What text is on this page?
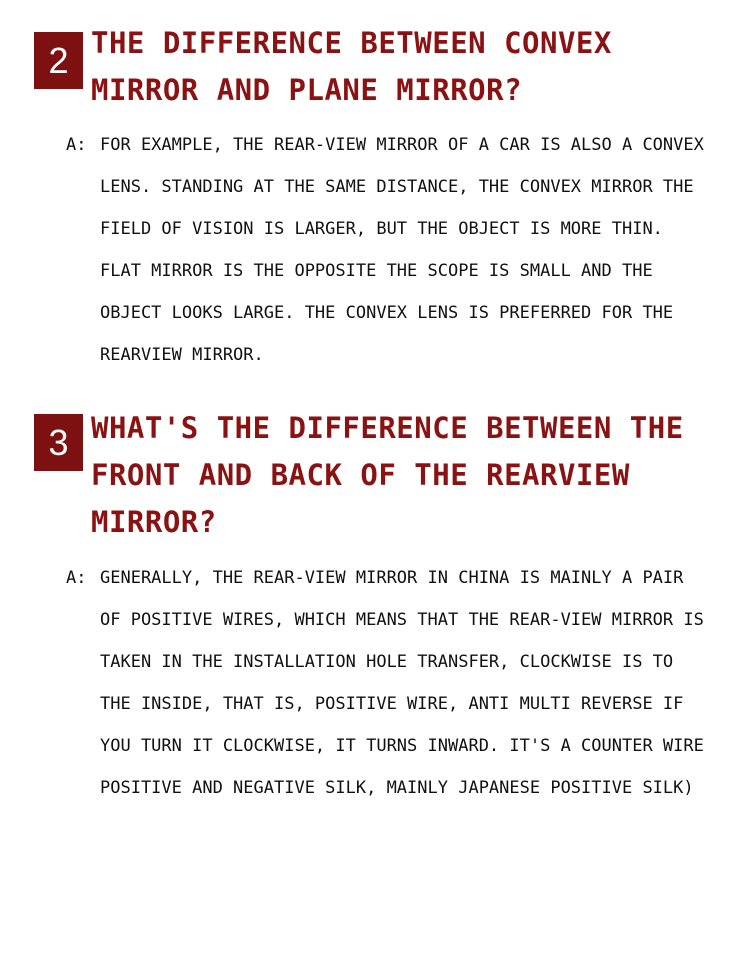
2 THE DIFFERENCE BETWEEN CONVEX MIRROR AND PLANE MIRROR?
A: FOR EXAMPLE, THE REAR-VIEW MIRROR OF A CAR IS ALSO A CONVEX LENS. STANDING AT THE SAME DISTANCE, THE CONVEX MIRROR THE FIELD OF VISION IS LARGER, BUT THE OBJECT IS MORE THIN. FLAT MIRROR IS THE OPPOSITE THE SCOPE IS SMALL AND THE OBJECT LOOKS LARGE. THE CONVEX LENS IS PREFERRED FOR THE REARVIEW MIRROR.
3 WHAT'S THE DIFFERENCE BETWEEN THE FRONT AND BACK OF THE REARVIEW MIRROR?
A: GENERALLY, THE REAR-VIEW MIRROR IN CHINA IS MAINLY A PAIR OF POSITIVE WIRES, WHICH MEANS THAT THE REAR-VIEW MIRROR IS TAKEN IN THE INSTALLATION HOLE TRANSFER, CLOCKWISE IS TO THE INSIDE, THAT IS, POSITIVE WIRE, ANTI MULTI REVERSE IF YOU TURN IT CLOCKWISE, IT TURNS INWARD. IT'S A COUNTER WIRE POSITIVE AND NEGATIVE SILK, MAINLY JAPANESE POSITIVE SILK)
